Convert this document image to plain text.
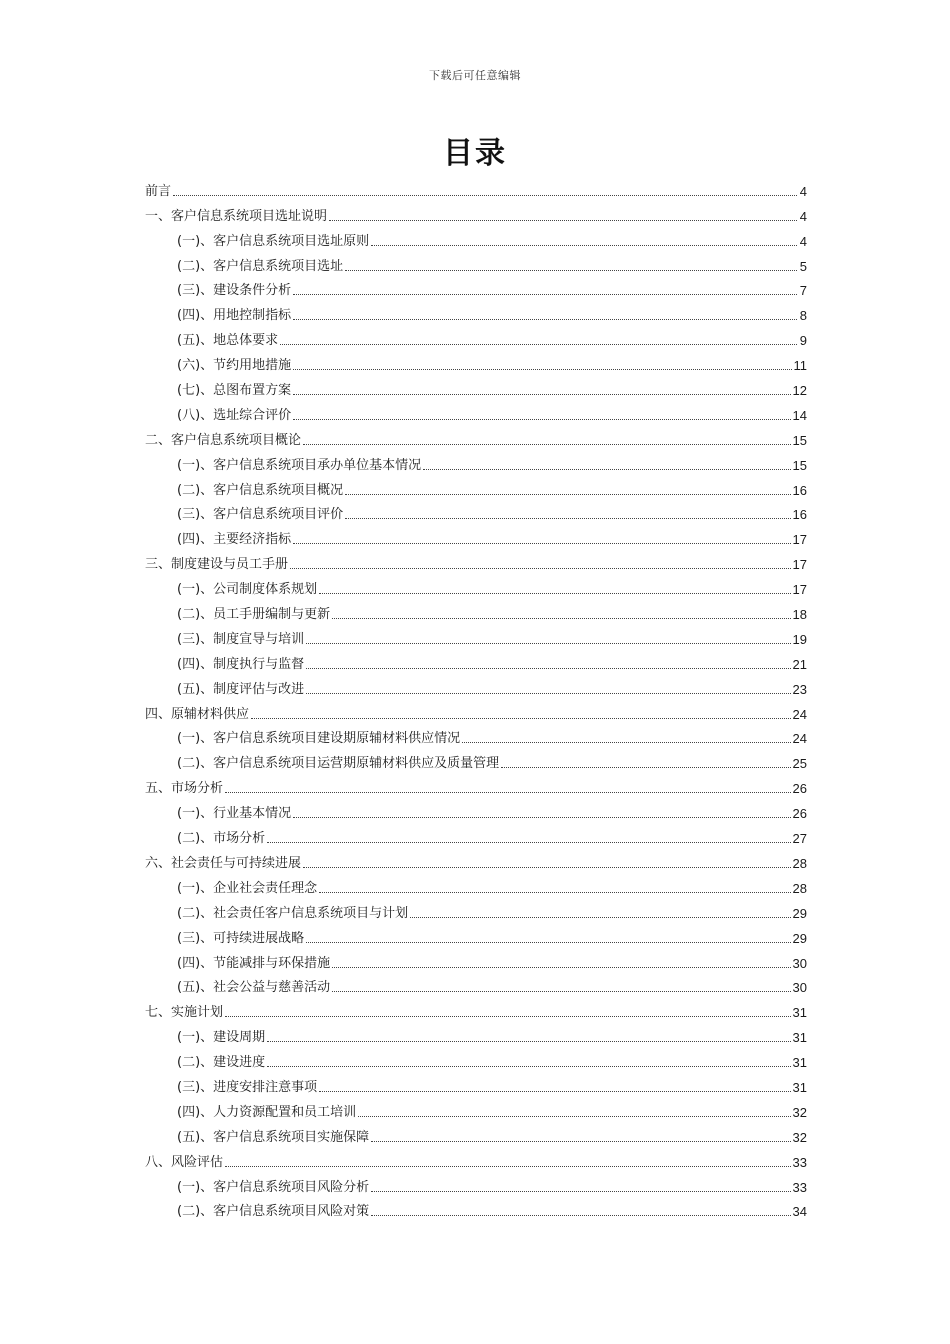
下载后可任意编辑
目录
前言	4
一、客户信息系统项目选址说明	4
(一)、客户信息系统项目选址原则	4
(二)、客户信息系统项目选址	5
(三)、建设条件分析	7
(四)、用地控制指标	8
(五)、地总体要求	9
(六)、节约用地措施	11
(七)、总图布置方案	12
(八)、选址综合评价	14
二、客户信息系统项目概论	15
(一)、客户信息系统项目承办单位基本情况	15
(二)、客户信息系统项目概况	16
(三)、客户信息系统项目评价	16
(四)、主要经济指标	17
三、制度建设与员工手册	17
(一)、公司制度体系规划	17
(二)、员工手册编制与更新	18
(三)、制度宣导与培训	19
(四)、制度执行与监督	21
(五)、制度评估与改进	23
四、原辅材料供应	24
(一)、客户信息系统项目建设期原辅材料供应情况	24
(二)、客户信息系统项目运营期原辅材料供应及质量管理	25
五、市场分析	26
(一)、行业基本情况	26
(二)、市场分析	27
六、社会责任与可持续进展	28
(一)、企业社会责任理念	28
(二)、社会责任客户信息系统项目与计划	29
(三)、可持续进展战略	29
(四)、节能减排与环保措施	30
(五)、社会公益与慈善活动	30
七、实施计划	31
(一)、建设周期	31
(二)、建设进度	31
(三)、进度安排注意事项	31
(四)、人力资源配置和员工培训	32
(五)、客户信息系统项目实施保障	32
八、风险评估	33
(一)、客户信息系统项目风险分析	33
(二)、客户信息系统项目风险对策	34
